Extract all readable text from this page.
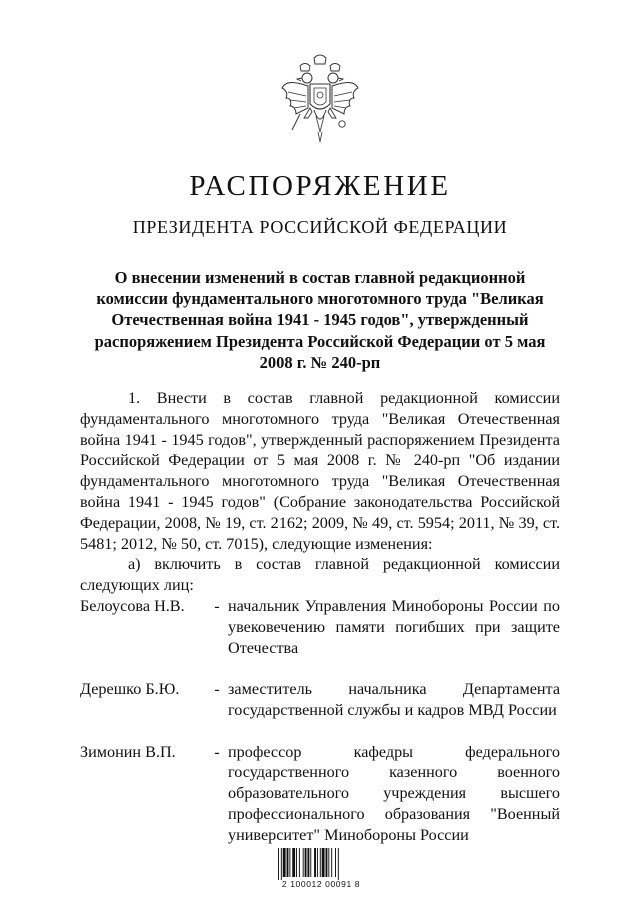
РАСПОРЯЖЕНИЕ
ПРЕЗИДЕНТА РОССИЙСКОЙ ФЕДЕРАЦИИ
О внесении изменений в состав главной редакционной комиссии фундаментального многотомного труда "Великая Отечественная война 1941 - 1945 годов", утвержденный распоряжением Президента Российской Федерации от 5 мая 2008 г. № 240-рп

1. Внести в состав главной редакционной комиссии фундаментального многотомного труда "Великая Отечественная война 1941 - 1945 годов", утвержденный распоряжением Президента Российской Федерации от 5 мая 2008 г. № 240-рп "Об издании фундаментального многотомного труда "Великая Отечественная война 1941 - 1945 годов" (Собрание законодательства Российской Федерации, 2008, № 19, ст. 2162; 2009, № 49, ст. 5954; 2011, № 39, ст. 5481; 2012, № 50, ст. 7015), следующие изменения:

а) включить в состав главной редакционной комиссии

следующих лиц:

Белоусова Н.В.	- начальник Управления Минобороны России по увековечению памяти погибших при защите Отечества
Дерешко Б.Ю.	- заместитель начальника Департамента государственной службы и кадров МВД России
Зимонин В.П.	- профессор кафедры федерального государственного казенного военного образовательного учреждения высшего профессионального образования "Военный университет" Минобороны России
2 100012 00091 8
